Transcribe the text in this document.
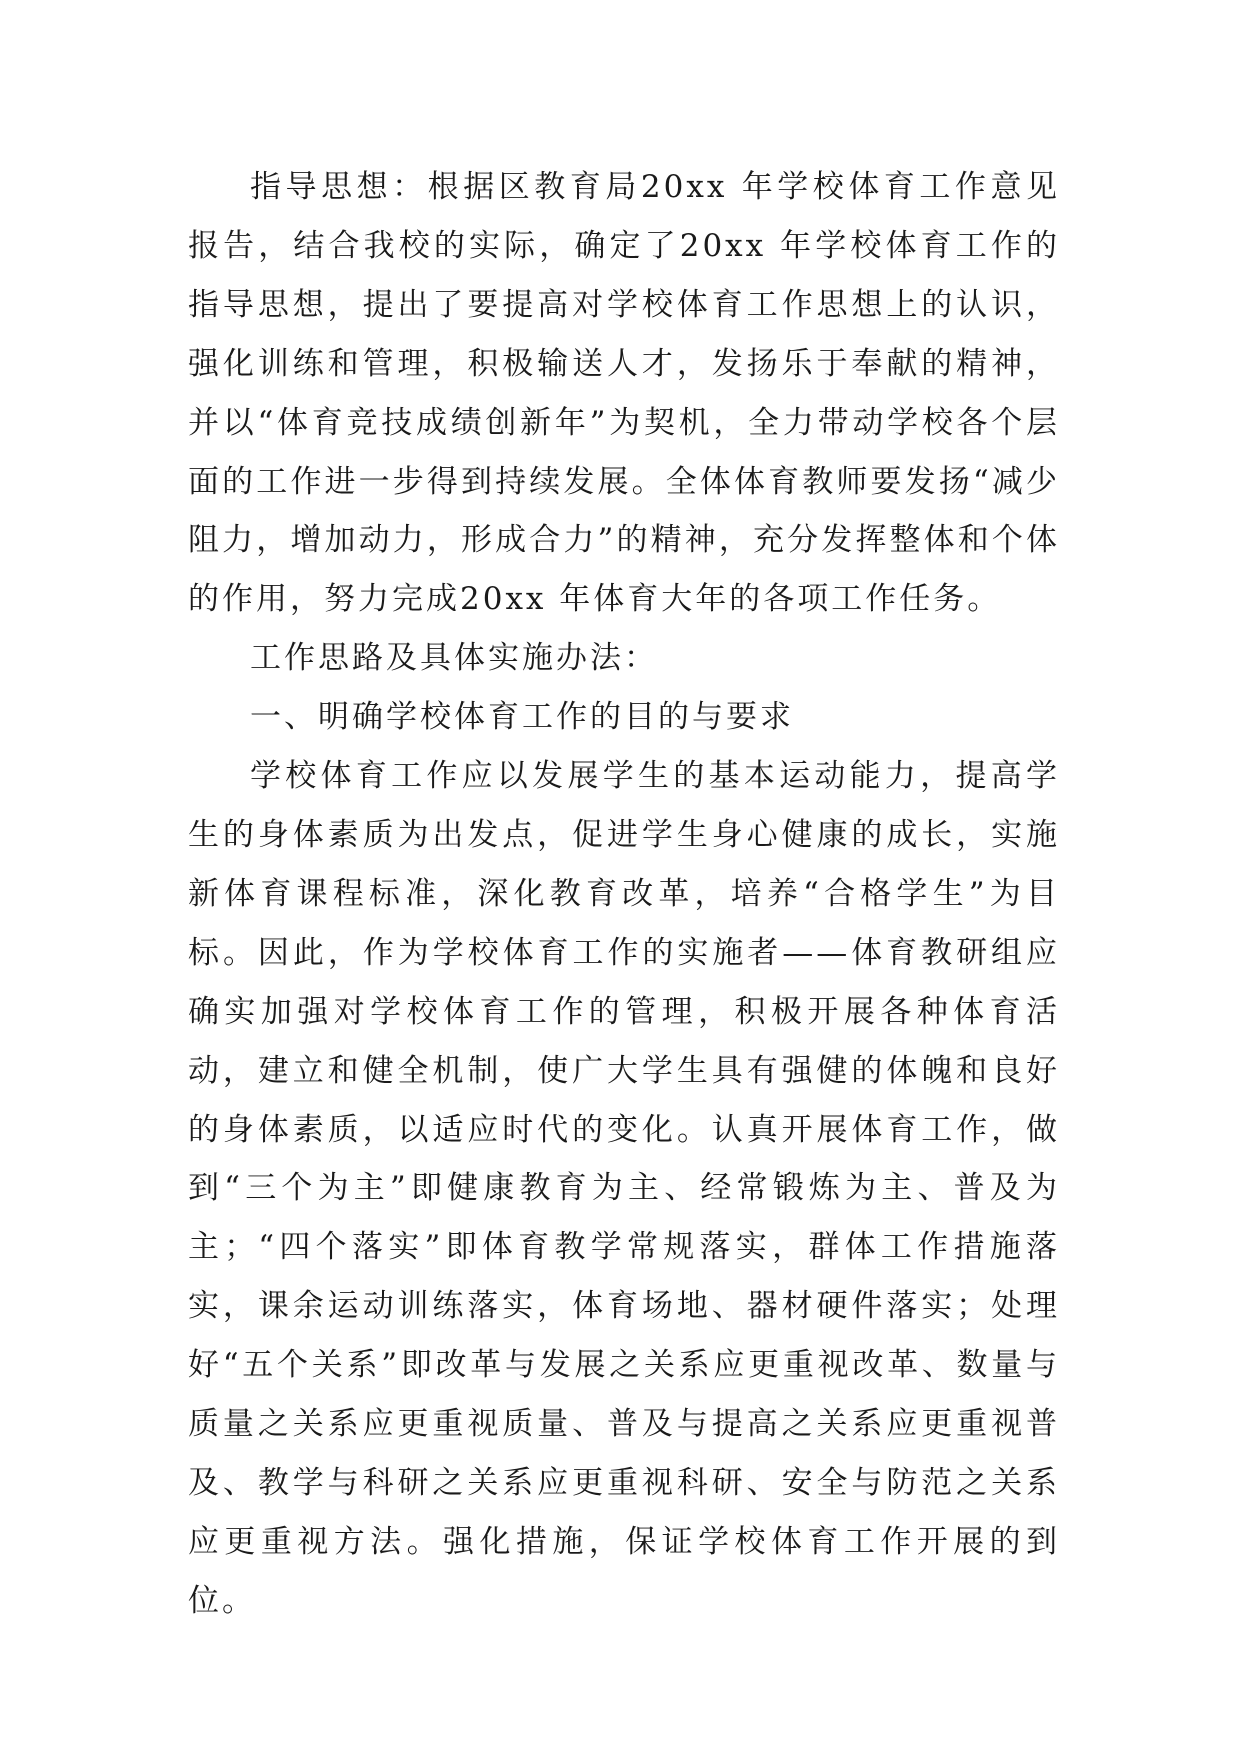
指导思想：根据区教育局20xx 年学校体育工作意见报告，结合我校的实际，确定了20xx 年学校体育工作的指导思想，提出了要提高对学校体育工作思想上的认识，强化训练和管理，积极输送人才，发扬乐于奉献的精神，并以“体育竞技成绩创新年”为契机，全力带动学校各个层面的工作进一步得到持续发展。全体体育教师要发扬“减少阻力，增加动力，形成合力”的精神，充分发挥整体和个体的作用，努力完成20xx 年体育大年的各项工作任务。

工作思路及具体实施办法：

一、明确学校体育工作的目的与要求

学校体育工作应以发展学生的基本运动能力，提高学生的身体素质为出发点，促进学生身心健康的成长，实施新体育课程标准，深化教育改革，培养“合格学生”为目标。因此，作为学校体育工作的实施者——体育教研组应确实加强对学校体育工作的管理，积极开展各种体育活动，建立和健全机制，使广大学生具有强健的体魄和良好的身体素质，以适应时代的变化。认真开展体育工作，做到“三个为主”即健康教育为主、经常锻炼为主、普及为主；“四个落实”即体育教学常规落实，群体工作措施落实，课余运动训练落实，体育场地、器材硬件落实；处理好“五个关系”即改革与发展之关系应更重视改革、数量与质量之关系应更重视质量、普及与提高之关系应更重视普及、教学与科研之关系应更重视科研、安全与防范之关系应更重视方法。强化措施，保证学校体育工作开展的到位。
